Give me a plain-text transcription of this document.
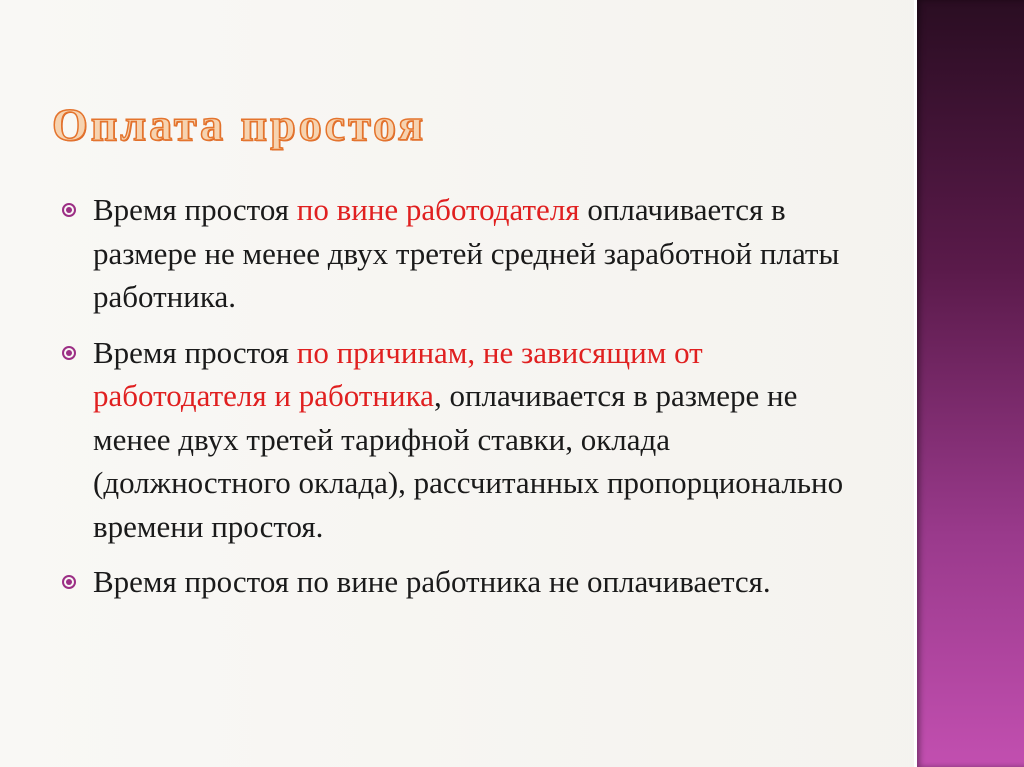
Оплата простоя
Время простоя по вине работодателя оплачивается в размере не менее двух третей средней заработной платы работника.
Время простоя по причинам, не зависящим от работодателя и работника, оплачивается в размере не менее двух третей тарифной ставки, оклада (должностного оклада), рассчитанных пропорционально времени простоя.
Время простоя по вине работника не оплачивается.
